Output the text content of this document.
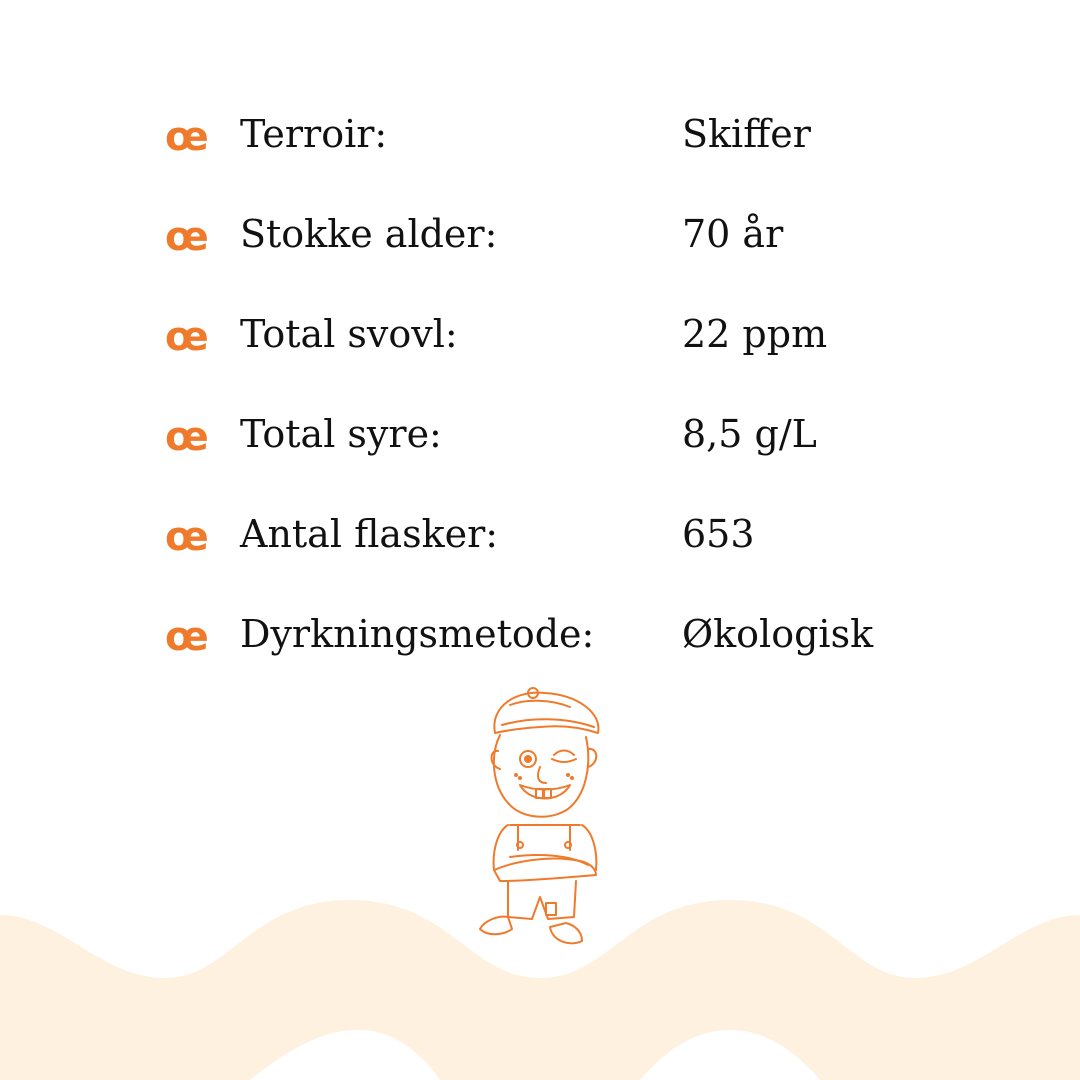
œ Terroir:	Skiffer
œ Stokke alder:	70 år
œ Total svovl:	22 ppm
œ Total syre:	8,5 g/L
œ Antal flasker:	653
œ Dyrkningsmetode: Økologisk
